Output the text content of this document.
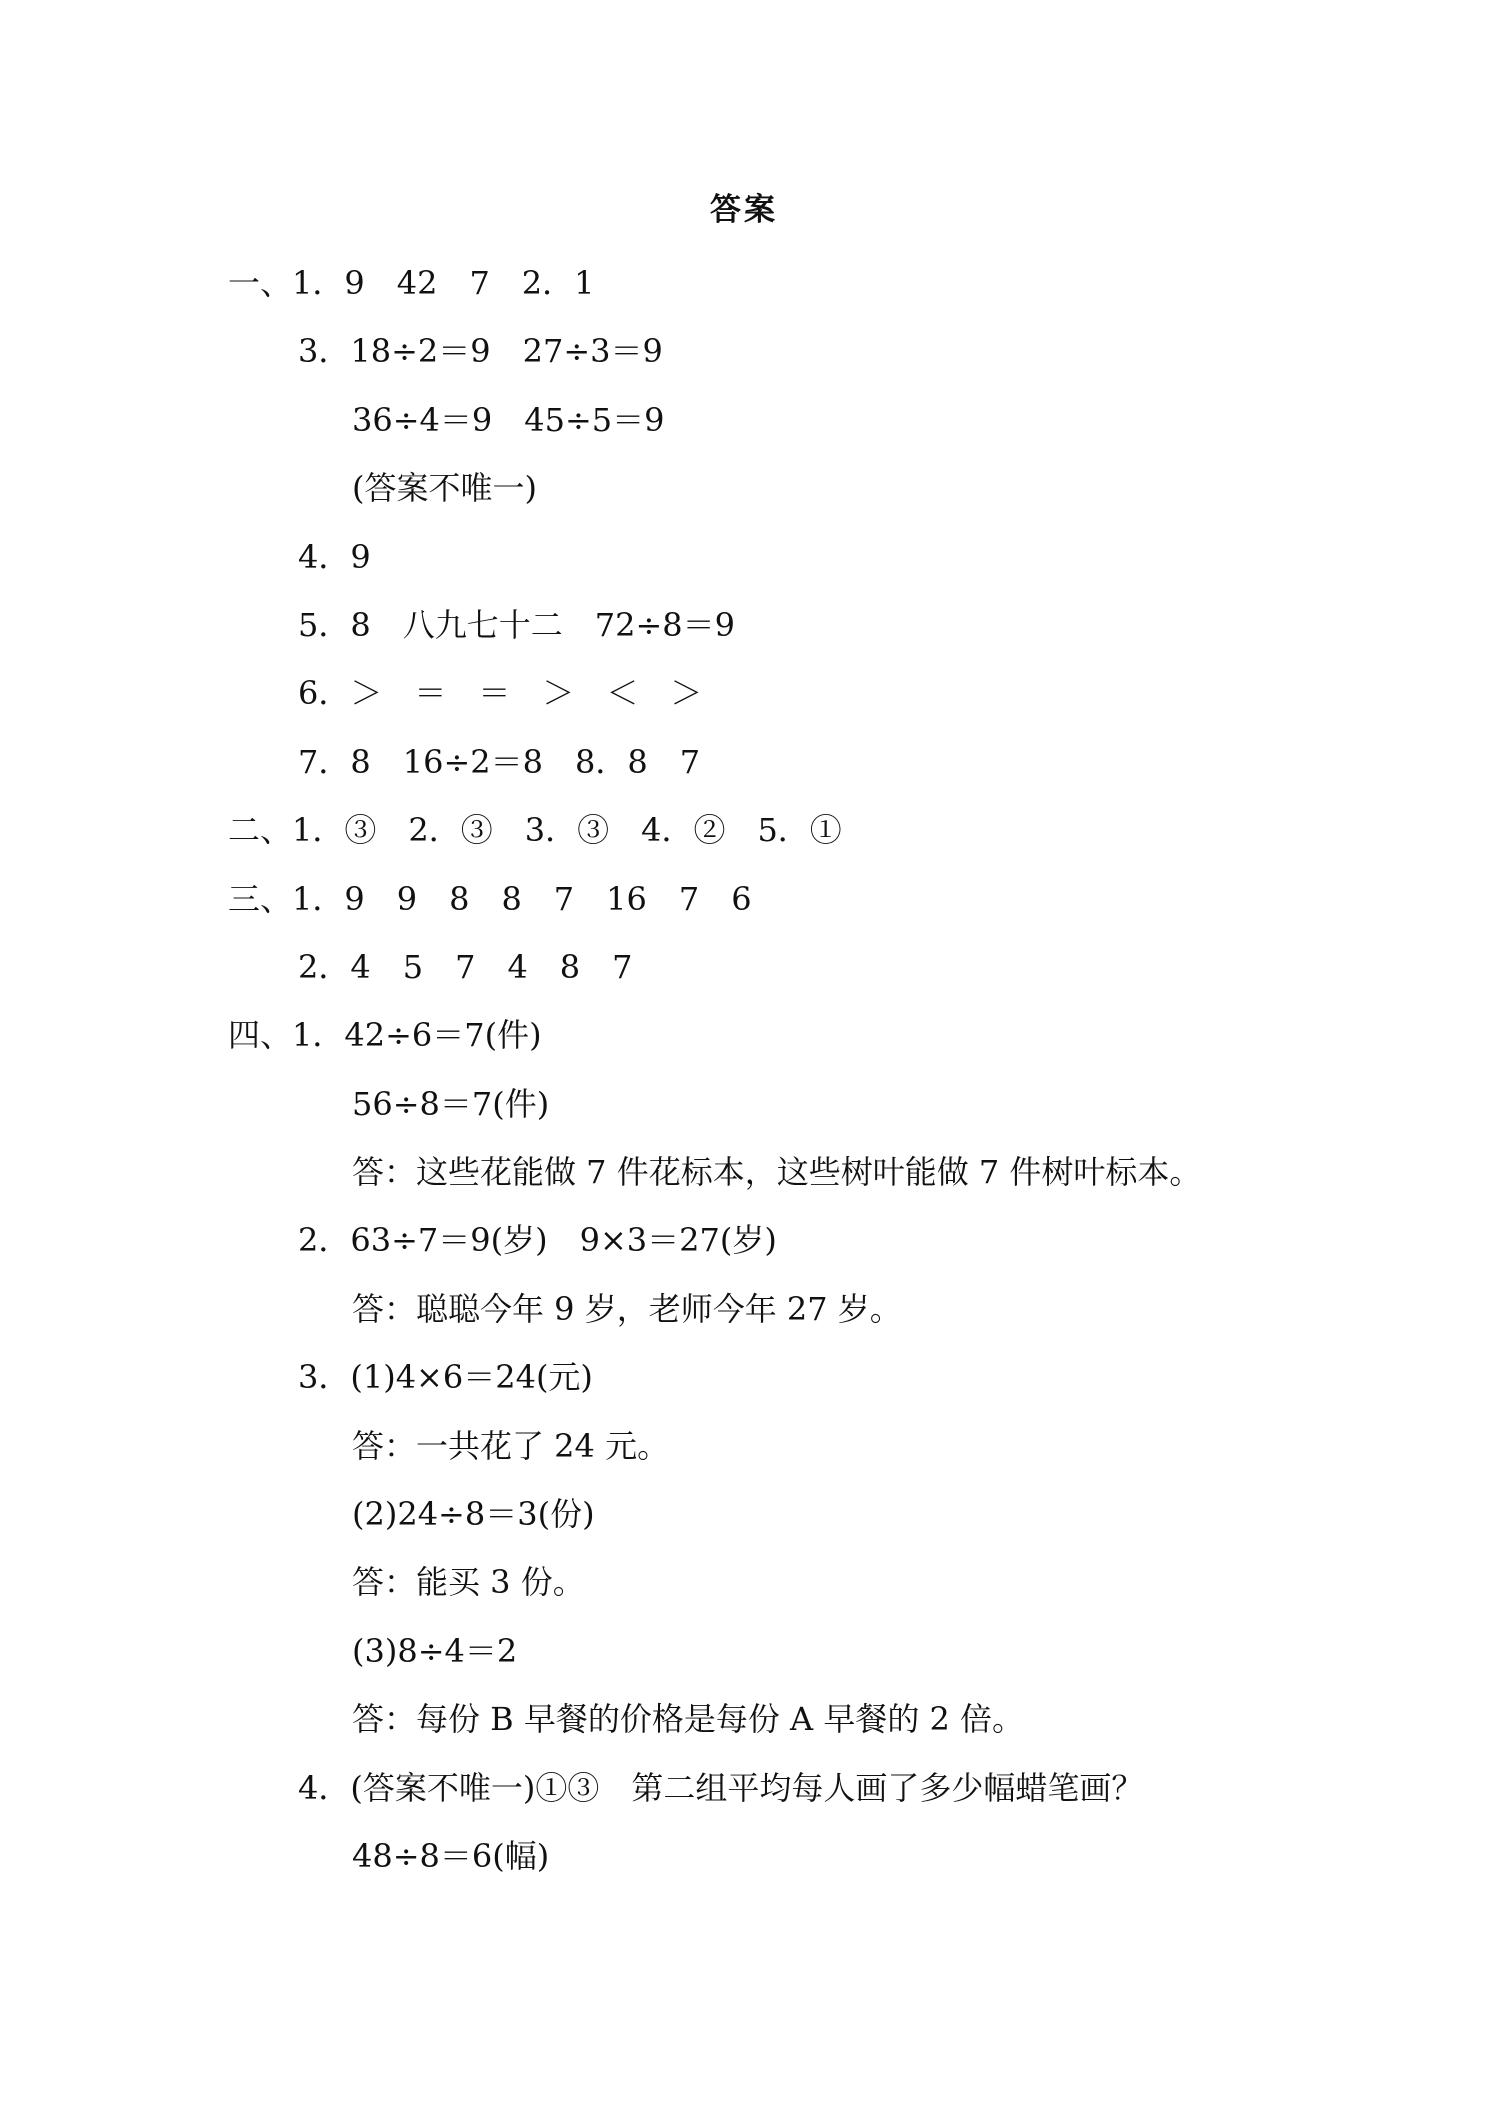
答案
一、1．9　42　7　2．1
3．18÷2＝9　27÷3＝9
36÷4＝9　45÷5＝9
(答案不唯一)
4．9
5．8　八九七十二　72÷8＝9
6．＞　＝　＝　＞　＜　＞
7．8　16÷2＝8　8．8　7
二、1．③　2．③　3．③　4．②　5．①
三、1．9　9　8　8　7　16　7　6
2．4　5　7　4　8　7
四、1．42÷6＝7(件)
56÷8＝7(件)
答：这些花能做 7 件花标本，这些树叶能做 7 件树叶标本。
2．63÷7＝9(岁)　9×3＝27(岁)
答：聪聪今年 9 岁，老师今年 27 岁。
3．(1)4×6＝24(元)
答：一共花了 24 元。
(2)24÷8＝3(份)
答：能买 3 份。
(3)8÷4＝2
答：每份 B 早餐的价格是每份 A 早餐的 2 倍。
4．(答案不唯一)①③　第二组平均每人画了多少幅蜡笔画？
48÷8＝6(幅)
